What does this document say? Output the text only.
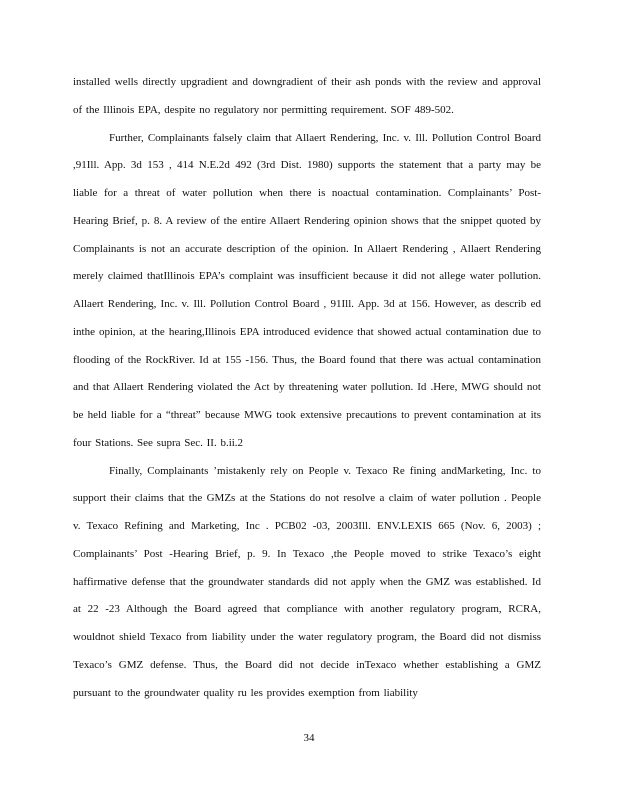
installed wells directly upgradient and downgradient of their ash ponds with the review and approval of the Illinois EPA, despite no regulatory nor permitting requirement. SOF 489-502.

Further, Complainants falsely claim that Allaert Rendering, Inc. v. Ill. Pollution Control Board ,91Ill. App. 3d 153 , 414 N.E.2d 492 (3rd Dist. 1980) supports the statement that a party may be liable for a threat of water pollution when there is noactual contamination. Complainants’ Post- Hearing Brief, p. 8. A review of the entire Allaert Rendering opinion shows that the snippet quoted by Complainants is not an accurate description of the opinion. In Allaert Rendering , Allaert Rendering merely claimed thatIllinois EPA’s complaint was insufficient because it did not allege water pollution. Allaert Rendering, Inc. v. Ill. Pollution Control Board , 91Ill. App. 3d at 156. However, as describ ed inthe opinion, at the hearing,Illinois EPA introduced evidence that showed actual contamination due to flooding of the RockRiver. Id at 155 -156. Thus, the Board found that there was actual contamination and that Allaert Rendering violated the Act by threatening water pollution. Id .Here, MWG should not be held liable for a “threat” because MWG took extensive precautions to prevent contamination at its four Stations. See supra Sec. II. b.ii.2

Finally, Complainants ’mistakenly rely on People v. Texaco Re fining andMarketing, Inc. to support their claims that the GMZs at the Stations do not resolve a claim of water pollution . People v. Texaco Refining and Marketing, Inc . PCB02 -03, 2003Ill. ENV.LEXIS 665 (Nov. 6, 2003) ; Complainants’ Post -Hearing Brief, p. 9. In Texaco ,the People moved to strike Texaco’s eight haffirmative defense that the groundwater standards did not apply when the GMZ was established. Id at 22 -23 Although the Board agreed that compliance with another regulatory program, RCRA, wouldnot shield Texaco from liability under the water regulatory program, the Board did not dismiss Texaco’s GMZ defense. Thus, the Board did not decide inTexaco whether establishing a GMZ pursuant to the groundwater quality ru les provides exemption from liability

34
